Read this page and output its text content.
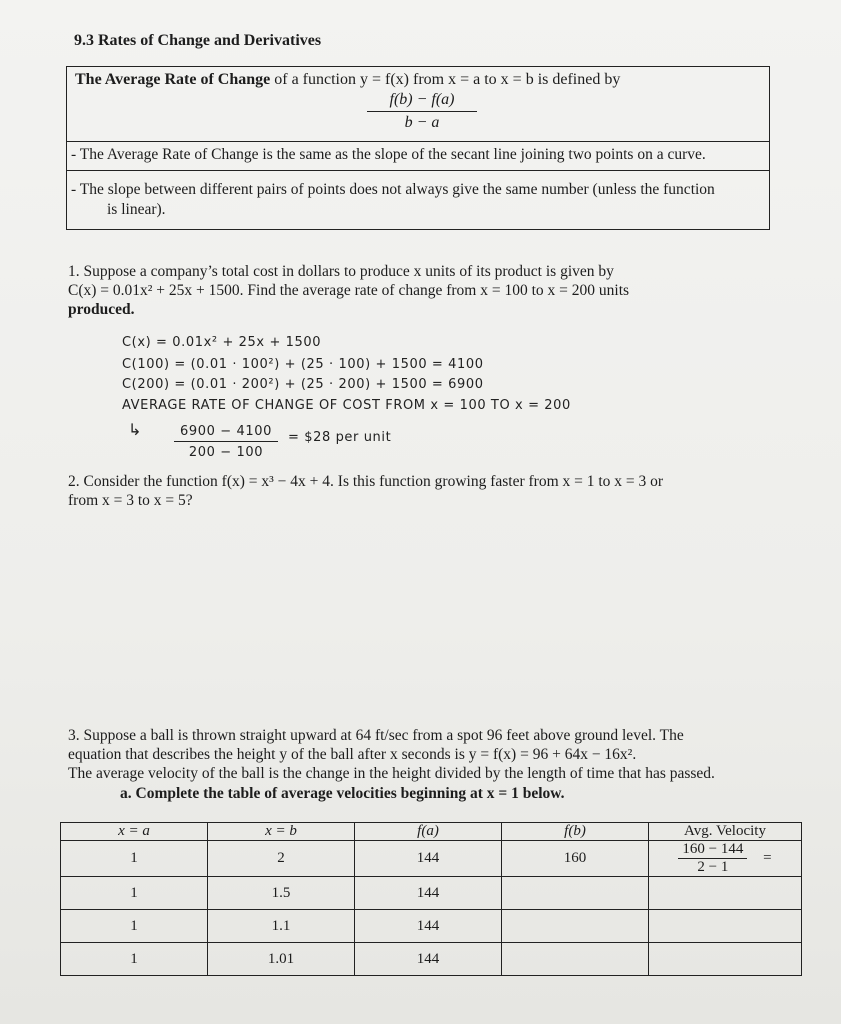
9.3 Rates of Change and Derivatives
The Average Rate of Change of a function y = f(x) from x = a to x = b is defined by
$\frac{f(b) - f(a)}{b - a}$
- The Average Rate of Change is the same as the slope of the secant line joining two points on a curve.
- The slope between different pairs of points does not always give the same number (unless the function
is linear).
1. Suppose a company’s total cost in dollars to produce x units of its product is given by
C(x) = 0.01x² + 25x + 1500. Find the average rate of change from x = 100 to x = 200 units
produced.
C(x) = 0.01x² + 25x + 1500
C(100) = (0.01 · 100²) + (25 · 100) + 1500 = 4100
C(200) = (0.01 · 200²) + (25 · 200) + 1500 = 6900
AVERAGE RATE OF CHANGE OF COST FROM x = 100 TO x = 200
↳	6900 − 4100
200 − 100
= $28 per unit
2. Consider the function f(x) = x³ − 4x + 4. Is this function growing faster from x = 1 to x = 3 or
from x = 3 to x = 5?
3. Suppose a ball is thrown straight upward at 64 ft/sec from a spot 96 feet above ground level. The
equation that describes the height y of the ball after x seconds is y = f(x) = 96 + 64x − 16x².
The average velocity of the ball is the change in the height divided by the length of time that has passed.
a. Complete the table of average velocities beginning at x = 1 below.
x = a	x = b	f(a)	f(b)	Avg. Velocity
1	2	144	160	$\frac{160 - 144}{2 - 1}$ =
1	1.5	144		
1	1.1	144		
1	1.01	144		
